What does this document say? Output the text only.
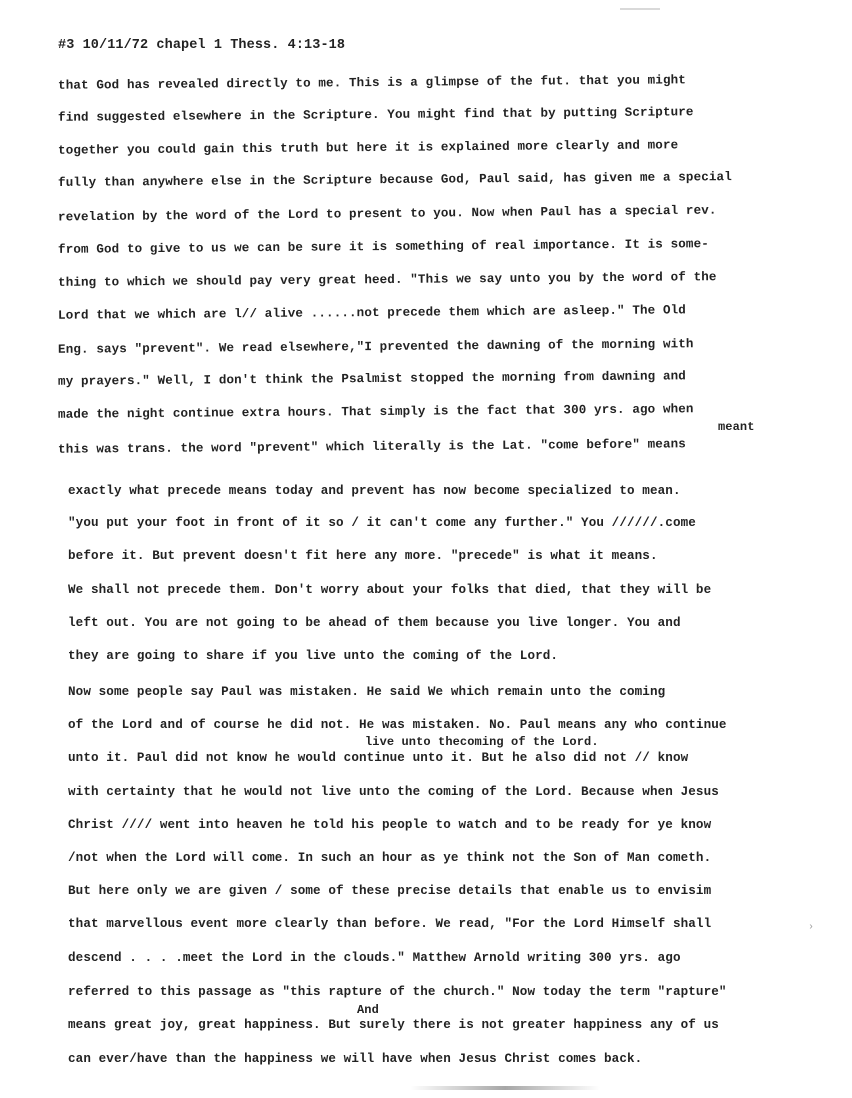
#3 10/11/72 chapel 1 Thess. 4:13-18
that God has revealed directly to me. This is a glimpse of the fut. that you might
find suggested elsewhere in the Scripture. You might find that by putting Scripture
together you could gain this truth but here it is explained more clearly and more
fully than anywhere else in the Scripture because God, Paul said, has given me a special
revelation by the word of the Lord to present to you. Now when Paul has a special rev.
from God to give to us we can be sure it is something of real importance. It is some-
thing to which we should pay very great heed. "This we say unto you by the word of the
Lord that we which are l// alive ......not precede them which are asleep." The Old
Eng. says "prevent". We read elsewhere,"I prevented the dawning of the morning with
my prayers." Well, I don't think the Psalmist stopped the morning from dawning and
made the night continue extra hours. That simply is the fact that 300 yrs. ago when
meant
this was trans. the word "prevent" which literally is the Lat. "come before" means
exactly what precede means today and prevent has now become specialized to mean.
"you put your foot in front of it so / it can't come any further." You //////.come
before it. But prevent doesn't fit here any more. "precede" is what it means.
We shall not precede them. Don't worry about your folks that died, that they will be
left out. You are not going to be ahead of them because you live longer. You and
they are going to share if you live unto the coming of the Lord.
Now some people say Paul was mistaken. He said We which remain unto the coming
of the Lord and of course he did not. He was mistaken. No. Paul means any who continue
live unto thecoming of the Lord.
unto it. Paul did not know he would continue unto it. But he also did not // know
with certainty that he would not live unto the coming of the Lord. Because when Jesus
Christ //// went into heaven he told his people to watch and to be ready for ye know
/not when the Lord will come. In such an hour as ye think not the Son of Man cometh.
But here only we are given / some of these precise details that enable us to envisim
that marvellous event more clearly than before. We read, "For the Lord Himself shall
descend . . . .meet the Lord in the clouds." Matthew Arnold writing 300 yrs. ago
referred to this passage as "this rapture of the church." Now today the term "rapture"
And
means great joy, great happiness. But surely there is not greater happiness any of us
can ever/have than the happiness we will have when Jesus Christ comes back.
›
